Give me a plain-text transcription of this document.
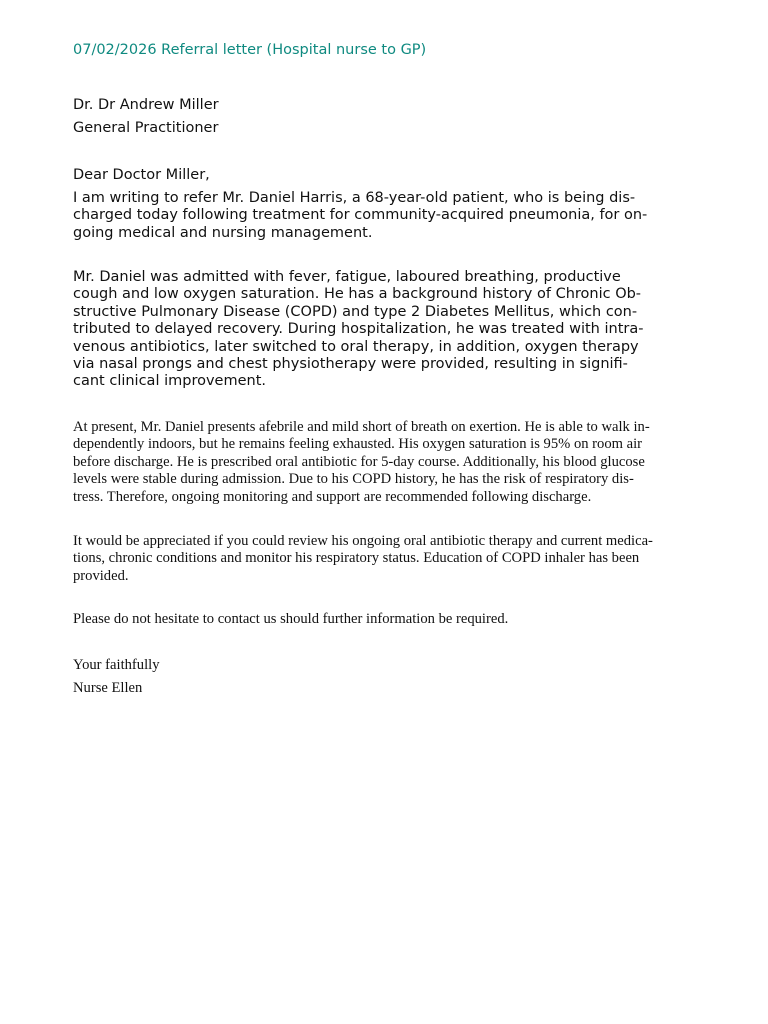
07/02/2026 Referral letter (Hospital nurse to GP)
Dr. Dr Andrew Miller
General Practitioner
Dear Doctor Miller,
I am writing to refer Mr. Daniel Harris, a 68-year-old patient, who is being dis-
charged today following treatment for community-acquired pneumonia, for on-
going medical and nursing management.
Mr. Daniel was admitted with fever, fatigue, laboured breathing, productive
cough and low oxygen saturation. He has a background history of Chronic Ob-
structive Pulmonary Disease (COPD) and type 2 Diabetes Mellitus, which con-
tributed to delayed recovery. During hospitalization, he was treated with intra-
venous antibiotics, later switched to oral therapy, in addition, oxygen therapy
via nasal prongs and chest physiotherapy were provided, resulting in signifi-
cant clinical improvement.
At present, Mr. Daniel presents afebrile and mild short of breath on exertion. He is able to walk in-
dependently indoors, but he remains feeling exhausted. His oxygen saturation is 95% on room air
before discharge. He is prescribed oral antibiotic for 5-day course. Additionally, his blood glucose
levels were stable during admission. Due to his COPD history, he has the risk of respiratory dis-
tress. Therefore, ongoing monitoring and support are recommended following discharge.
It would be appreciated if you could review his ongoing oral antibiotic therapy and current medica-
tions, chronic conditions and monitor his respiratory status. Education of COPD inhaler has been
provided.
Please do not hesitate to contact us should further information be required.
Your faithfully
Nurse Ellen
